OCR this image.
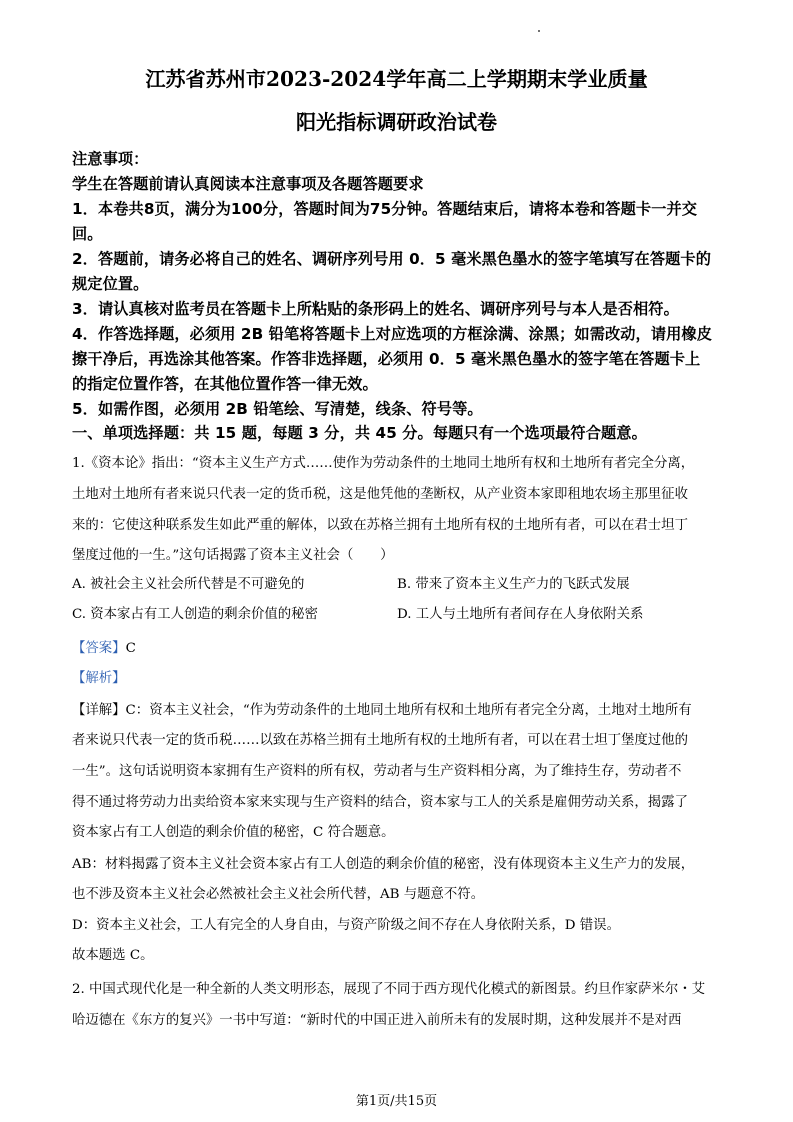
江苏省苏州市2023-2024学年高二上学期期末学业质量
阳光指标调研政治试卷
注意事项：
学生在答题前请认真阅读本注意事项及各题答题要求
1．本卷共8页，满分为100分，答题时间为75分钟。答题结束后，请将本卷和答题卡一并交
回。
2．答题前，请务必将自己的姓名、调研序列号用 0．5 毫米黑色墨水的签字笔填写在答题卡的
规定位置。
3．请认真核对监考员在答题卡上所粘贴的条形码上的姓名、调研序列号与本人是否相符。
4．作答选择题，必须用 2B 铅笔将答题卡上对应选项的方框涂满、涂黑；如需改动，请用橡皮
擦干净后，再选涂其他答案。作答非选择题，必须用 0．5 毫米黑色墨水的签字笔在答题卡上
的指定位置作答，在其他位置作答一律无效。
5．如需作图，必须用 2B 铅笔绘、写清楚，线条、符号等。
一、单项选择题：共 15 题，每题 3 分，共 45 分。每题只有一个选项最符合题意。
1.《资本论》指出：“资本主义生产方式……使作为劳动条件的土地同土地所有权和土地所有者完全分离，
土地对土地所有者来说只代表一定的货币税，这是他凭他的垄断权，从产业资本家即租地农场主那里征收
来的：它使这种联系发生如此严重的解体，以致在苏格兰拥有土地所有权的土地所有者，可以在君士坦丁
堡度过他的一生。”这句话揭露了资本主义社会（　　）
A. 被社会主义社会所代替是不可避免的	B. 带来了资本主义生产力的飞跃式发展
C. 资本家占有工人创造的剩余价值的秘密	D. 工人与土地所有者间存在人身依附关系
【答案】C
【解析】
【详解】C：资本主义社会，“作为劳动条件的土地同土地所有权和土地所有者完全分离，土地对土地所有
者来说只代表一定的货币税……以致在苏格兰拥有土地所有权的土地所有者，可以在君士坦丁堡度过他的
一生”。这句话说明资本家拥有生产资料的所有权，劳动者与生产资料相分离，为了维持生存，劳动者不
得不通过将劳动力出卖给资本家来实现与生产资料的结合，资本家与工人的关系是雇佣劳动关系，揭露了
资本家占有工人创造的剩余价值的秘密，C 符合题意。
AB：材料揭露了资本主义社会资本家占有工人创造的剩余价值的秘密，没有体现资本主义生产力的发展，
也不涉及资本主义社会必然被社会主义社会所代替，AB 与题意不符。
D：资本主义社会，工人有完全的人身自由，与资产阶级之间不存在人身依附关系，D 错误。
故本题选 C。
2. 中国式现代化是一种全新的人类文明形态，展现了不同于西方现代化模式的新图景。约旦作家萨米尔・艾
哈迈德在《东方的复兴》一书中写道：“新时代的中国正进入前所未有的发展时期，这种发展并不是对西
第1页/共15页
